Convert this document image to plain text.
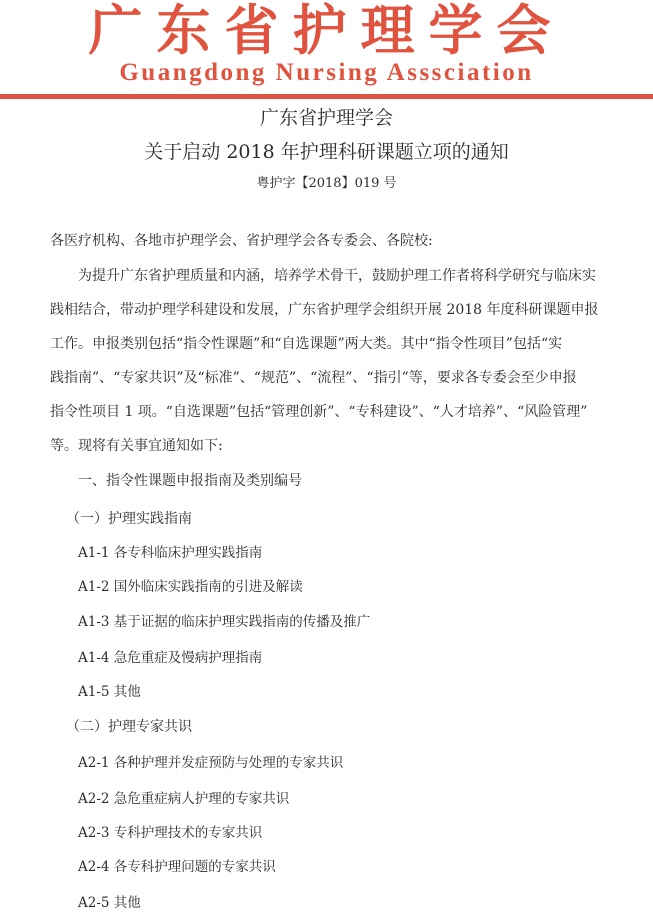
广东省护理学会
Guangdong Nursing Asssciation
广东省护理学会
关于启动 2018 年护理科研课题立项的通知
粤护字【2018】019 号
各医疗机构、各地市护理学会、省护理学会各专委会、各院校:
为提升广东省护理质量和内涵，培养学术骨干，鼓励护理工作者将科学研究与临床实
践相结合，带动护理学科建设和发展，广东省护理学会组织开展 2018 年度科研课题申报
工作。申报类别包括“指令性课题”和“自选课题”两大类。其中“指令性项目”包括“实
践指南”、“专家共识”及“标准”、“规范”、“流程”、“指引”等，要求各专委会至少申报
指令性项目 1 项。“自选课题”包括“管理创新”、“专科建设”、“人才培养”、“风险管理”
等。现将有关事宜通知如下:
一、指令性课题申报指南及类别编号
（一）护理实践指南
A1-1 各专科临床护理实践指南
A1-2 国外临床实践指南的引进及解读
A1-3 基于证据的临床护理实践指南的传播及推广
A1-4 急危重症及慢病护理指南
A1-5 其他
（二）护理专家共识
A2-1 各种护理并发症预防与处理的专家共识
A2-2 急危重症病人护理的专家共识
A2-3 专科护理技术的专家共识
A2-4 各专科护理问题的专家共识
A2-5 其他
